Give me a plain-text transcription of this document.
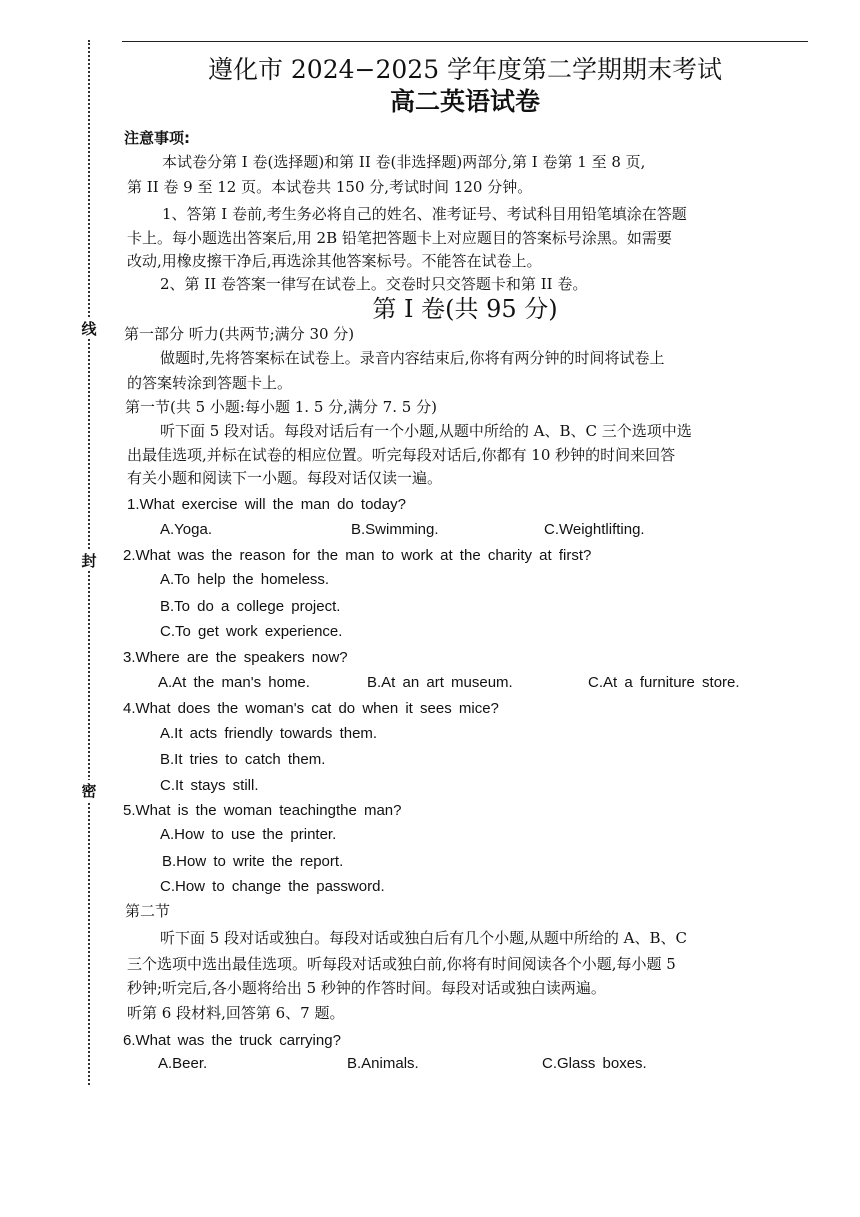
线
封
密
遵化市 2024−2025 学年度第二学期期末考试
高二英语试卷
注意事项:
本试卷分第 I 卷(选择题)和第 II 卷(非选择题)两部分,第 I 卷第 1 至 8 页,
第 II 卷 9 至 12 页。本试卷共 150 分,考试时间 120 分钟。
1、答第 I 卷前,考生务必将自己的姓名、准考证号、考试科目用铅笔填涂在答题
卡上。每小题选出答案后,用 2B 铅笔把答题卡上对应题目的答案标号涂黑。如需要
改动,用橡皮擦干净后,再选涂其他答案标号。不能答在试卷上。
2、第 II 卷答案一律写在试卷上。交卷时只交答题卡和第 II 卷。
第 I 卷(共 95 分)
第一部分 听力(共两节;满分 30 分)
做题时,先将答案标在试卷上。录音内容结束后,你将有两分钟的时间将试卷上
的答案转涂到答题卡上。
第一节(共 5 小题:每小题 1. 5 分,满分 7. 5 分)
听下面 5 段对话。每段对话后有一个小题,从题中所给的 A、B、C 三个选项中选
出最佳选项,并标在试卷的相应位置。听完每段对话后,你都有 10 秒钟的时间来回答
有关小题和阅读下一小题。每段对话仅读一遍。
1.What exercise will the man do today?
A.Yoga.	B.Swimming.	C.Weightlifting.
2.What was the reason for the man to work at the charity at first?
A.To help the homeless.
B.To do a college project.
C.To get work experience.
3.Where are the speakers now?
A.At the man's home.	B.At an art museum.	C.At a furniture store.
4.What does the woman's cat do when it sees mice?
A.It acts friendly towards them.
B.It tries to catch them.
C.It stays still.
5.What is the woman teachingthe man?
A.How to use the printer.
B.How to write the report.
C.How to change the password.
第二节
听下面 5 段对话或独白。每段对话或独白后有几个小题,从题中所给的 A、B、C
三个选项中选出最佳选项。听每段对话或独白前,你将有时间阅读各个小题,每小题 5
秒钟;听完后,各小题将给出 5 秒钟的作答时间。每段对话或独白读两遍。
听第 6 段材料,回答第 6、7 题。
6.What was the truck carrying?
A.Beer.	B.Animals.	C.Glass boxes.
